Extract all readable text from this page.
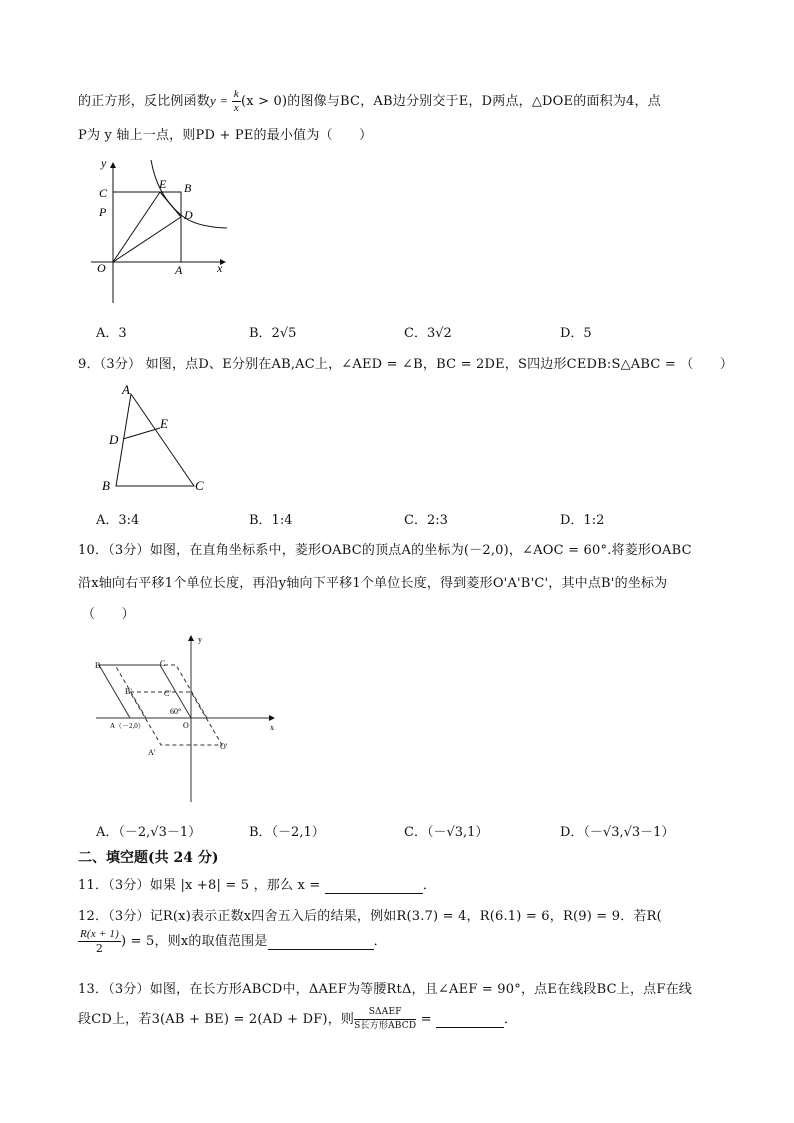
的正方形，反比例函数$y = \frac{k}{x} (x > 0)$的图像与BC，AB边分别交于E，D两点，△DOE的面积为4，点
P为 y 轴上一点，则PD + PE的最小值为（　　）
y
C
E B
P	D
O	A	x
A．3	B．2√5	C．3√2	D．5
9．（3分） 如图，点D、E分别在AB,AC上，∠AED = ∠B，BC = 2DE，S四边形CEDB:S△ABC = （　　）
A
E
D
B	C
A．3:4	B．1:4	C．2:3	D．1:2
10．（3分）如图，在直角坐标系中，菱形OABC的顶点A的坐标为(－2,0)，∠AOC = 60°.将菱形OABC
沿x轴向右平移1个单位长度，再沿y轴向下平移1个单位长度，得到菱形O'A'B'C'，其中点B'的坐标为
（　　）
y
B	C
B'	C'
60°
A（－2,0）	O	x
A'
O'
A．（－2,√3－1）	B．（－2,1）	C．（－√3,1）	D．（－√3,√3－1）
二、填空题(共 24 分)
11．（3分）如果 |x +8| = 5 ，那么 x =	．
12．（3分）记R(x)表示正数x四舍五入后的结果，例如R(3.7) = 4，R(6.1) = 6，R(9) = 9．若R(
$\frac{R(x + 1)}{2}$ ) = 5，则x的取值范围是	．
13．（3分）如图，在长方形ABCD中，ΔAEF为等腰RtΔ，且∠AEF = 90°，点E在线段BC上，点F在线
段CD上，若3(AB + BE) = 2(AD + DF)，则 $\frac{\text{SΔAEF}}{\text{S长方形ABCD}}$ =	．
